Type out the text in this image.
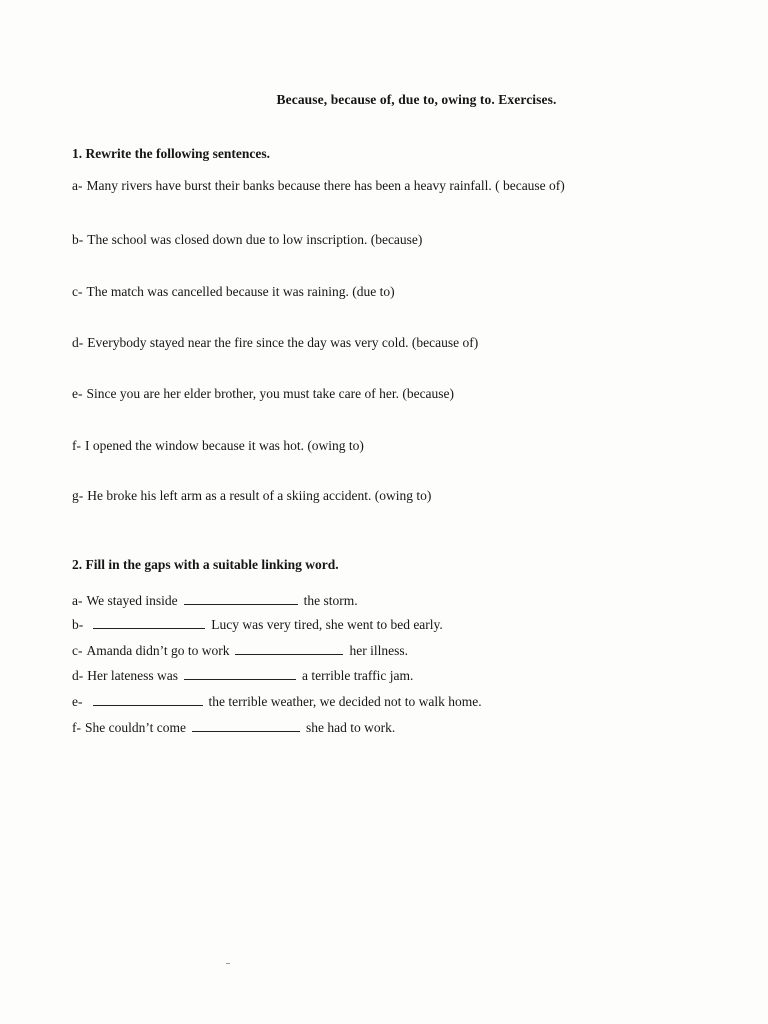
Because, because of, due to, owing to. Exercises.
1. Rewrite the following sentences.
a- Many rivers have burst their banks because there has been a heavy rainfall. ( because of)
b- The school was closed down due to low inscription. (because)
c- The match was cancelled because it was raining. (due to)
d- Everybody stayed near the fire since the day was very cold. (because of)
e- Since you are her elder brother, you must take care of her. (because)
f- I opened the window because it was hot. (owing to)
g- He broke his left arm as a result of a skiing accident. (owing to)
2. Fill in the gaps with a suitable linking word.
a- We stayed inside	the storm.
b-	Lucy was very tired, she went to bed early.
c- Amanda didn’t go to work	her illness.
d- Her lateness was	a terrible traffic jam.
e-	the terrible weather, we decided not to walk home.
f- She couldn’t come	she had to work.
